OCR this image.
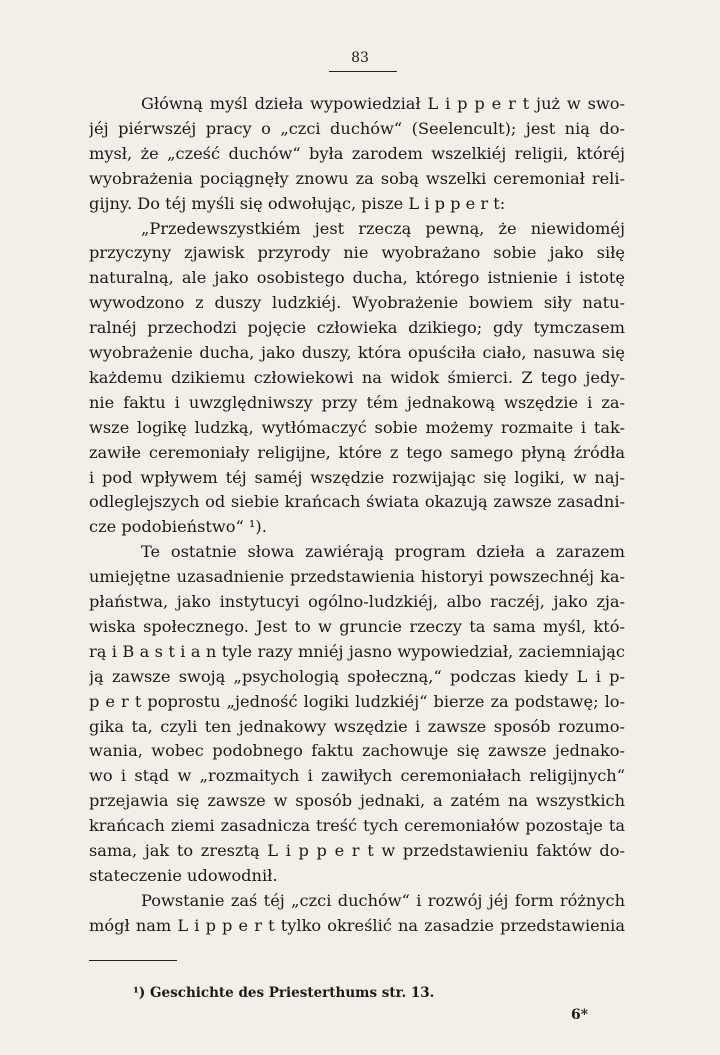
83
Główną myśl dzieła wypowiedział L i p p e r t już w swo-
jéj piérwszéj pracy o „czci duchów“ (Seelencult); jest nią do-
mysł, że „cześć duchów“ była zarodem wszelkiéj religii, któréj
wyobrażenia pociągnęły znowu za sobą wszelki ceremoniał reli-
gijny. Do téj myśli się odwołując, pisze L i p p e r t:
„Przedewszystkiém jest rzeczą pewną, że niewidoméj
przyczyny zjawisk przyrody nie wyobrażano sobie jako siłę
naturalną, ale jako osobistego ducha, którego istnienie i istotę
wywodzono z duszy ludzkiéj. Wyobrażenie bowiem siły natu-
ralnéj przechodzi pojęcie człowieka dzikiego; gdy tymczasem
wyobrażenie ducha, jako duszy, która opuściła ciało, nasuwa się
każdemu dzikiemu człowiekowi na widok śmierci. Z tego jedy-
nie faktu i uwzględniwszy przy tém jednakową wszędzie i za-
wsze logikę ludzką, wytłómaczyć sobie możemy rozmaite i tak-
zawiłe ceremoniały religijne, które z tego samego płyną źródła
i pod wpływem téj saméj wszędzie rozwijając się logiki, w naj-
odleglejszych od siebie krańcach świata okazują zawsze zasadni-
cze podobieństwo“ ¹).
Te ostatnie słowa zawiérają program dzieła a zarazem
umiejętne uzasadnienie przedstawienia historyi powszechnéj ka-
płaństwa, jako instytucyi ogólno-ludzkiéj, albo raczéj, jako zja-
wiska społecznego. Jest to w gruncie rzeczy ta sama myśl, któ-
rą i B a s t i a n tyle razy mniéj jasno wypowiedział, zaciemniając
ją zawsze swoją „psychologią społeczną,“ podczas kiedy L i p-
p e r t poprostu „jedność logiki ludzkiéj“ bierze za podstawę; lo-
gika ta, czyli ten jednakowy wszędzie i zawsze sposób rozumo-
wania, wobec podobnego faktu zachowuje się zawsze jednako-
wo i stąd w „rozmaitych i zawiłych ceremoniałach religijnych“
przejawia się zawsze w sposób jednaki, a zatém na wszystkich
krańcach ziemi zasadnicza treść tych ceremoniałów pozostaje ta
sama, jak to zresztą L i p p e r t w przedstawieniu faktów do-
stateczenie udowodnił.
Powstanie zaś téj „czci duchów“ i rozwój jéj form różnych
mógł nam L i p p e r t tylko określić na zasadzie przedstawienia
¹) Geschichte des Priesterthums str. 13.
6*
